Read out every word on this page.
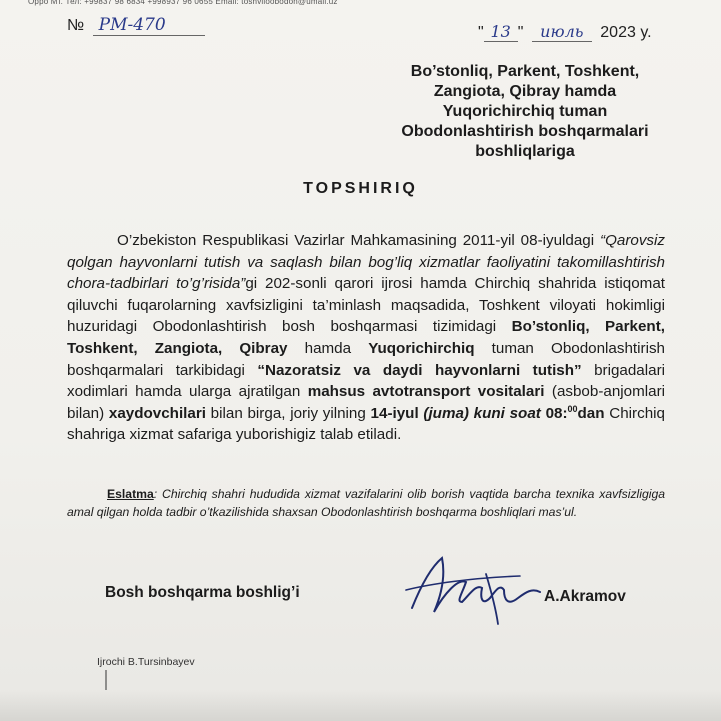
Орро Мт. Тел: +99837 98 6834 +998937 96 0655 Email: toshviloobodon@umail.uz
№ РМ-470	" 13 " июль 2023 y.
Bo’stonliq, Parkent, Toshkent,
Zangiota, Qibray hamda
Yuqorichirchiq tuman
Obodonlashtirish boshqarmalari
boshliqlariga
TOPSHIRIQ
O’zbekiston Respublikasi Vazirlar Mahkamasining 2011-yil 08-iyuldagi “Qarovsiz qolgan hayvonlarni tutish va saqlash bilan bog’liq xizmatlar faoliyatini takomillashtirish chora-tadbirlari to’g’risida”gi 202-sonli qarori ijrosi hamda Chirchiq shahrida istiqomat qiluvchi fuqarolarning xavfsizligini ta’minlash maqsadida, Toshkent viloyati hokimligi huzuridagi Obodonlashtirish bosh boshqarmasi tizimidagi Bo’stonliq, Parkent, Toshkent, Zangiota, Qibray hamda Yuqorichirchiq tuman Obodonlashtirish boshqarmalari tarkibidagi “Nazoratsiz va daydi hayvonlarni tutish” brigadalari xodimlari hamda ularga ajratilgan mahsus avtotransport vositalari (asbob-anjomlari bilan) xaydovchilari bilan birga, joriy yilning 14-iyul (juma) kuni soat 08:$^{00}$dan Chirchiq shahriga xizmat safariga yuborishigiz talab etiladi.
Eslatma: Chirchiq shahri hududida xizmat vazifalarini olib borish vaqtida barcha texnika xavfsizligiga amal qilgan holda tadbir o’tkazilishida shaxsan Obodonlashtirish boshqarma boshliqlari mas’ul.
Bosh boshqarma boshlig’i	A.Akramov
Ijrochi B.Tursinbayev
